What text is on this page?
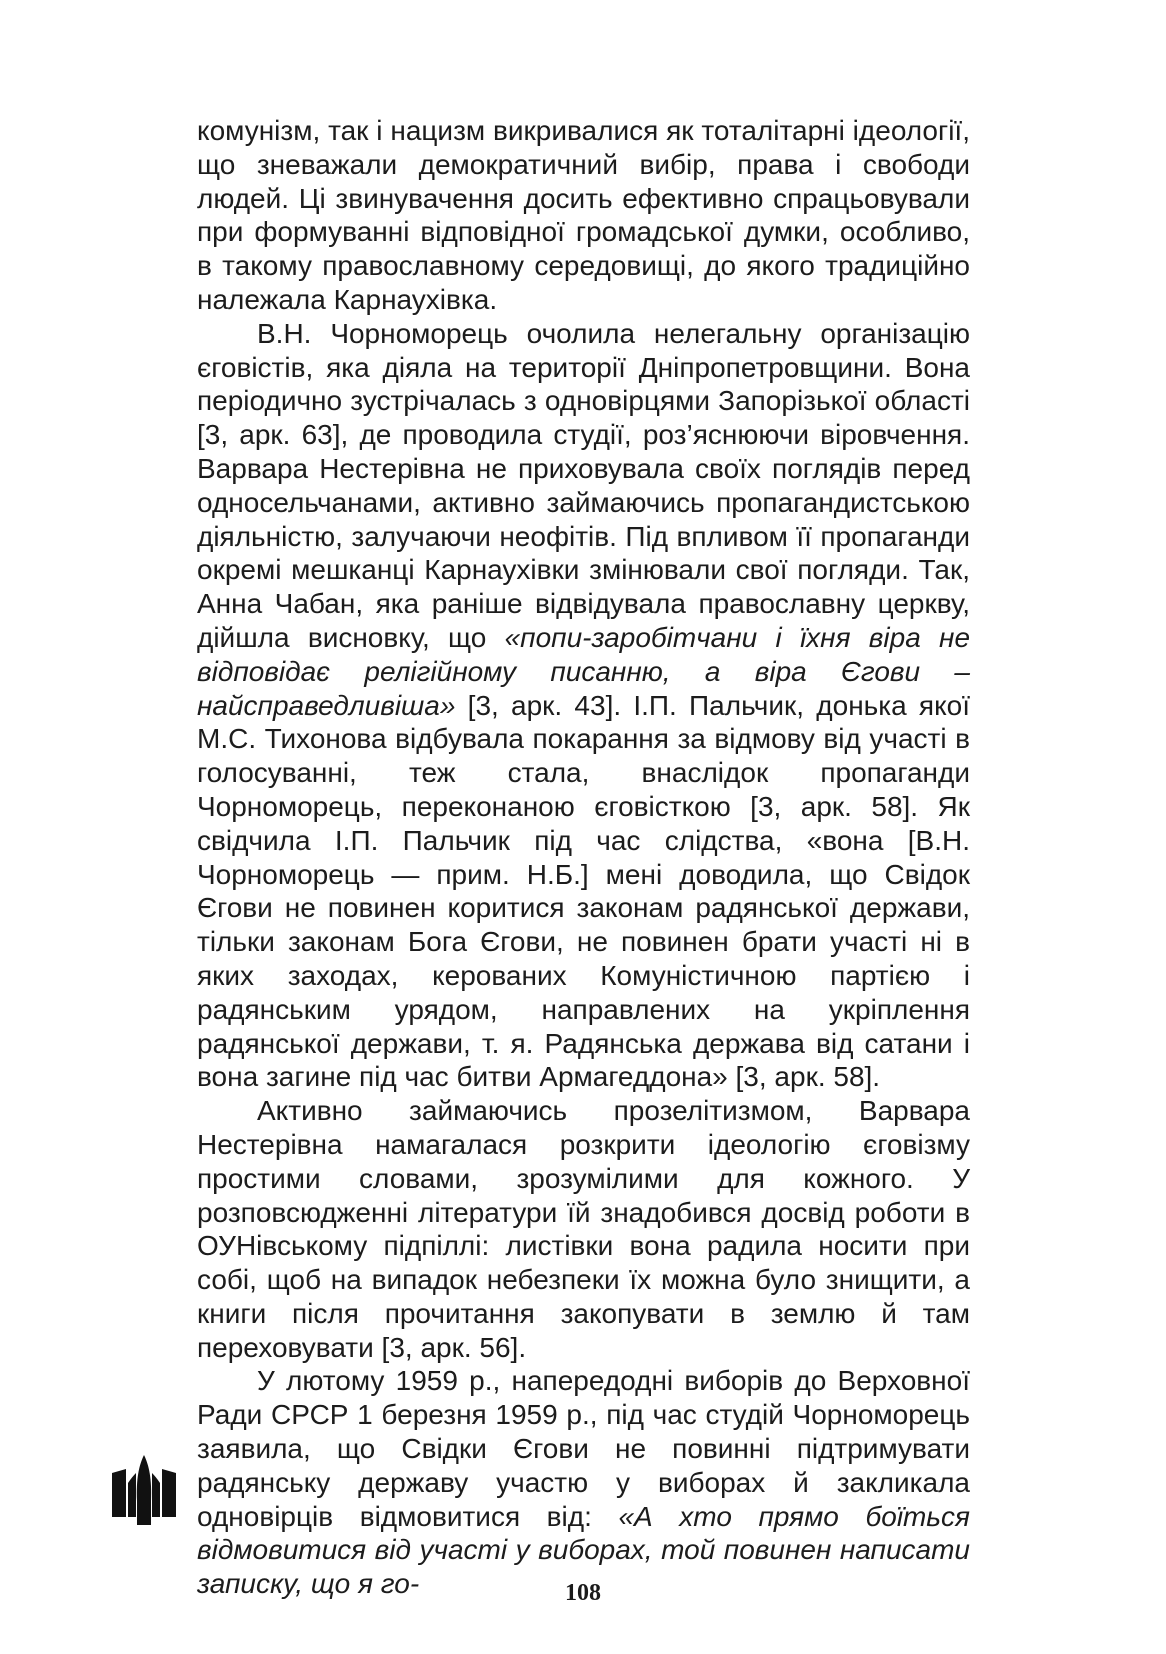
комунізм, так і нацизм викривалися як тоталітарні ідеології, що зневажали демократичний вибір, права і свободи людей. Ці звинувачення досить ефективно спрацьовували при формуванні відповідної громадської думки, особливо, в такому православному середовищі, до якого традиційно належала Карнаухівка.

В.Н. Чорноморець очолила нелегальну організацію єговістів, яка діяла на території Дніпропетровщини. Вона періодично зустрічалась з одновірцями Запорізької області [3, арк. 63], де проводила студії, роз’яснюючи віровчення. Варвара Нестерівна не приховувала своїх поглядів перед односельчанами, активно займаючись пропагандистською діяльністю, залучаючи неофітів. Під впливом її пропаганди окремі мешканці Карнаухівки змінювали свої погляди. Так, Анна Чабан, яка раніше відвідувала православну церкву, дійшла висновку, що «попи-заробітчани і їхня віра не відповідає релігійному писанню, а віра Єгови – найсправедливіша» [3, арк. 43]. І.П. Пальчик, донька якої М.С. Тихонова відбувала покарання за відмову від участі в голосуванні, теж стала, внаслідок пропаганди Чорноморець, переконаною єговісткою [3, арк. 58]. Як свідчила І.П. Пальчик під час слідства, «вона [В.Н. Чорноморець — прим. Н.Б.] мені доводила, що Свідок Єгови не повинен коритися законам радянської держави, тільки законам Бога Єгови, не повинен брати участі ні в яких заходах, керованих Комуністичною партією і радянським урядом, направлених на укріплення радянської держави, т. я. Радянська держава від сатани і вона загине під час битви Армагеддона» [3, арк. 58].

Активно займаючись прозелітизмом, Варвара Нестерівна намагалася розкрити ідеологію єговізму простими словами, зрозумілими для кожного. У розповсюдженні літератури їй знадобився досвід роботи в ОУНівському підпіллі: листівки вона радила носити при собі, щоб на випадок небезпеки їх можна було знищити, а книги після прочитання закопувати в землю й там переховувати [3, арк. 56].

У лютому 1959 р., напередодні виборів до Верховної Ради СРСР 1 березня 1959 р., під час студій Чорноморець заявила, що Свідки Єгови не повинні підтримувати радянську державу участю у виборах й закликала одновірців відмовитися від: «А хто прямо боїться відмовитися від участі у виборах, той повинен написати записку, що я го-	108
